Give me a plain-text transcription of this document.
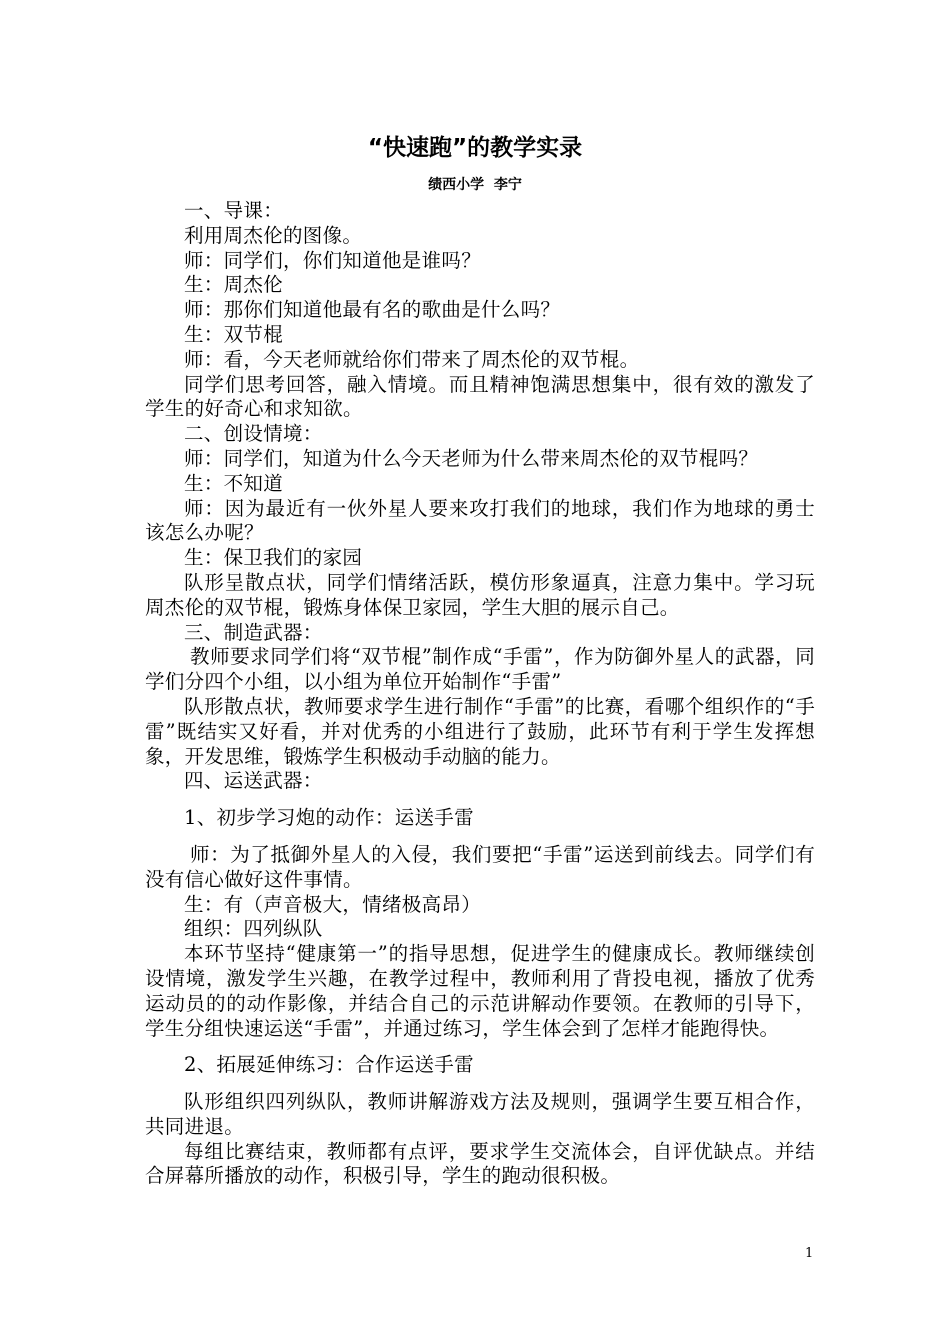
“快速跑”的教学实录
绩西小学  李宁

一、导课：

利用周杰伦的图像。

师：同学们，你们知道他是谁吗？

生：周杰伦

师：那你们知道他最有名的歌曲是什么吗？

生：双节棍

师：看，今天老师就给你们带来了周杰伦的双节棍。

同学们思考回答，融入情境。而且精神饱满思想集中，很有效的激发了学生的好奇心和求知欲。

二、创设情境：

师：同学们，知道为什么今天老师为什么带来周杰伦的双节棍吗？

生：不知道

师：因为最近有一伙外星人要来攻打我们的地球，我们作为地球的勇士该怎么办呢？

生：保卫我们的家园

队形呈散点状，同学们情绪活跃，模仿形象逼真，注意力集中。学习玩周杰伦的双节棍，锻炼身体保卫家园，学生大胆的展示自己。

三、制造武器：

教师要求同学们将“双节棍”制作成“手雷”，作为防御外星人的武器，同学们分四个小组，以小组为单位开始制作“手雷”

队形散点状，教师要求学生进行制作“手雷”的比赛，看哪个组织作的“手雷”既结实又好看，并对优秀的小组进行了鼓励，此环节有利于学生发挥想象，开发思维，锻炼学生积极动手动脑的能力。

四、运送武器：

1、初步学习炮的动作：运送手雷

师：为了抵御外星人的入侵，我们要把“手雷”运送到前线去。同学们有没有信心做好这件事情。

生：有（声音极大，情绪极高昂）

组织：四列纵队

本环节坚持“健康第一”的指导思想，促进学生的健康成长。教师继续创设情境，激发学生兴趣，在教学过程中，教师利用了背投电视，播放了优秀运动员的的动作影像，并结合自己的示范讲解动作要领。在教师的引导下，学生分组快速运送“手雷”，并通过练习，学生体会到了怎样才能跑得快。

2、拓展延伸练习：合作运送手雷

队形组织四列纵队，教师讲解游戏方法及规则，强调学生要互相合作，共同进退。

每组比赛结束，教师都有点评，要求学生交流体会，自评优缺点。并结合屏幕所播放的动作，积极引导，学生的跑动很积极。

1
